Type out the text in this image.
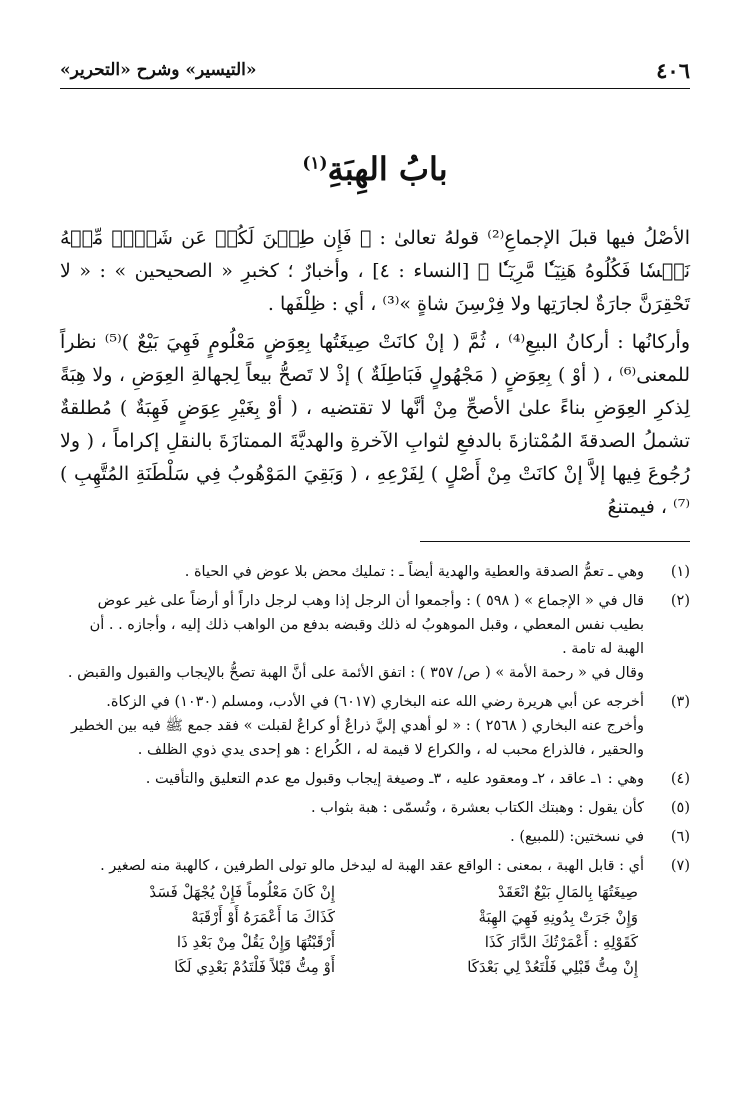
٤٠٦
«التيسير» وشرح «التحرير»
بابُ الهِبَةِ$^{(١)}$

الأصْلُ فيها قبلَ الإجماعِ⁽²⁾ قولهُ تعالىٰ : ﴿ فَإِن طِبۡنَ لَكُمۡ عَن شَيۡءٖ مِّنۡهُ نَفۡسٗا فَكُلُوهُ هَنِيٓـٔٗا مَّرِيٓـٔٗا ﴾ [النساء : ٤] ، وأخبارٌ ؛ كخبرِ « الصحيحين » : « لا تَحْقِرَنَّ جارَةٌ لجارَتِها ولا فِرْسِنَ شاةٍ »⁽³⁾ ، أي : ظِلْفَها .

وأركانُها : أركانُ البيعِ⁽⁴⁾ ، ثُمَّ ( إنْ كانَتْ صِيغَتُها بِعِوَضٍ مَعْلُومٍ فَهِيَ بَيْعٌ )⁽⁵⁾ نظراً للمعنى⁽⁶⁾ ، ( أوْ ) بِعِوَضٍ ( مَجْهُولٍ فَبَاطِلَةٌ ) إذْ لا تَصحُّ بيعاً لِجهالةِ العِوَضِ ، ولا هِبَةً لِذكرِ العِوَضِ بناءً علىٰ الأصحِّ مِنْ أنَّها لا تقتضيه ، ( أوْ بِغَيْرِ عِوَضٍ فَهِبَةٌ ) مُطلقةٌ تشملُ الصدقةَ المُمْتازةَ بالدفعِ لثوابِ الآخرةِ والهديَّةَ الممتازَةَ بالنقلِ إكراماً ، ( ولا رُجُوعَ فِيها إلاَّ إنْ كانَتْ مِنْ أَصْلٍ ) لِفَرْعِهِ ، ( وَبَقِيَ المَوْهُوبُ فِي سَلْطَنَةِ المُتَّهِبِ )⁽⁷⁾ ، فيمتنعُ

(١)

وهي ـ تعمُّ الصدقة والعطية والهدية أيضاً ـ : تمليك محض بلا عوض في الحياة .

(٢)

قال في « الإجماع » ( ٥٩٨ ) : وأجمعوا أن الرجل إذا وهب لرجل داراً أو أرضاً على غير عوض بطيب نفس المعطي ، وقبل الموهوبُ له ذلك وقبضه بدفع من الواهب ذلك إليه ، وأجازه . . أن الهبة له تامة .

وقال في « رحمة الأمة » ( ص/ ٣٥٧ ) : اتفق الأئمة على أنَّ الهبة تصحُّ بالإيجاب والقبول والقبض .

(٣)

أخرجه عن أبي هريرة رضي الله عنه البخاري (٦٠١٧) في الأدب، ومسلم (١٠٣٠) في الزكاة.

وأخرج عنه البخاري ( ٢٥٦٨ ) : « لو أهدي إليَّ ذراعٌ أو كراعٌ لقبلت » فقد جمع ﷺ فيه بين الخطير والحقير ، فالذراع محبب له ، والكراع لا قيمة له ، الكُراع : هو إحدى يدي ذوي الظلف .

(٤)

وهي : ١ـ عاقد ، ٢ـ ومعقود عليه ، ٣ـ وصيغة إيجاب وقبول مع عدم التعليق والتأقيت .

(٥)

كأن يقول : وهبتك الكتاب بعشرة ، وتُسمّى : هبة بثواب .

(٦)

في نسختين: (للمبيع) .

(٧)

أي : قابل الهبة ، بمعنى : الواقع عقد الهبة له ليدخل مالو تولى الطرفين ، كالهبة منه لصغير .

صِيغَتُهَا بِالمَالِ بَيْعٌ انْعَقَدْ
إِنْ كَانَ مَعْلُوماً فَإِنْ يُجْهَلْ فَسَدْ
وَإِنْ جَرَتْ بِدُونِهِ فَهِيَ الهِبَةْ
كَذَاكَ مَا أَعْمَرَهُ أَوْ أَرْقَبَهْ
كَقَوْلِهِ : أَعْمَرْتُكَ الدَّارَ كَذَا
أَرْقَبْتُهَا وَإِنْ يَقُلْ مِنْ بَعْدِ ذَا
إِنْ مِتُّ قَبْلِي فَلْتَعُدْ لِي بَعْدَكَا
أَوْ مِتُّ قَبْلاً فَلْتَدُمْ بَعْدِي لَكَا
